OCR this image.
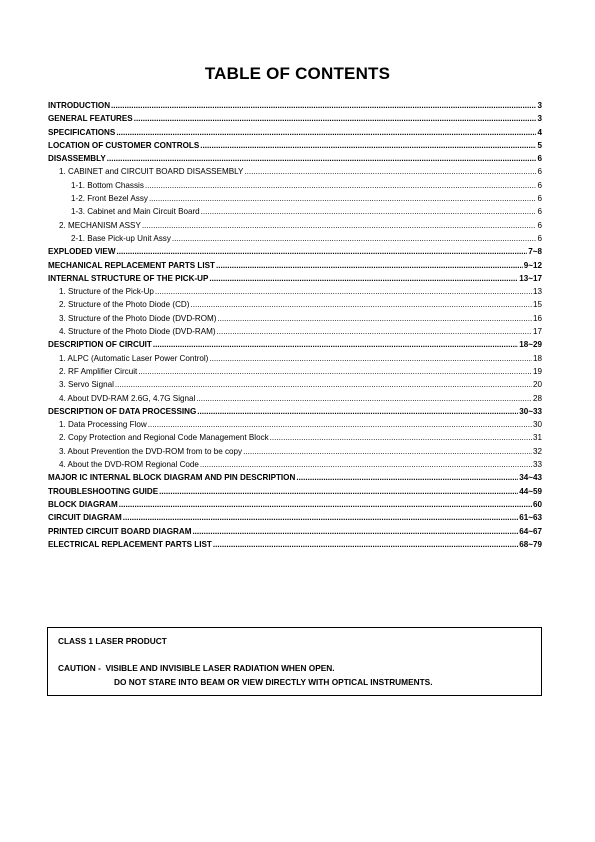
TABLE OF CONTENTS
INTRODUCTION .....	3
GENERAL FEATURES .....	3
SPECIFICATIONS .....	4
LOCATION OF CUSTOMER CONTROLS .....	5
DISASSEMBLY .....	6
1. CABINET and CIRCUIT BOARD DISASSEMBLY .....	6
1-1. Bottom Chassis .....	6
1-2. Front Bezel Assy .....	6
1-3. Cabinet and Main Circuit Board .....	6
2. MECHANISM ASSY .....	6
2-1. Base Pick-up Unit Assy .....	6
EXPLODED VIEW .....	7~8
MECHANICAL REPLACEMENT PARTS LIST .....	9~12
INTERNAL STRUCTURE OF THE PICK-UP .....	13~17
1. Structure of the Pick-Up .....	13
2. Structure of the Photo Diode (CD) .....	15
3. Structure of the Photo Diode (DVD-ROM) .....	16
4. Structure of the Photo Diode (DVD-RAM) .....	17
DESCRIPTION OF CIRCUIT .....	18~29
1. ALPC (Automatic Laser Power Control) .....	18
2. RF Amplifier Circuit .....	19
3. Servo Signal .....	20
4. About DVD-RAM 2.6G, 4.7G Signal .....	28
DESCRIPTION OF DATA PROCESSING .....	30~33
1. Data Processing Flow .....	30
2. Copy Protection and Regional Code Management Block .....	31
3. About Prevention the DVD-ROM from to be copy .....	32
4. About the DVD-ROM Regional Code .....	33
MAJOR IC INTERNAL BLOCK DIAGRAM AND PIN DESCRIPTION .....	34~43
TROUBLESHOOTING GUIDE .....	44~59
BLOCK DIAGRAM .....	60
CIRCUIT DIAGRAM .....	61~63
PRINTED CIRCUIT BOARD DIAGRAM .....	64~67
ELECTRICAL REPLACEMENT PARTS LIST .....	68~79
CLASS 1 LASER PRODUCT
CAUTION -  VISIBLE AND INVISIBLE LASER RADIATION WHEN OPEN.
DO NOT STARE INTO BEAM OR VIEW DIRECTLY WITH OPTICAL INSTRUMENTS.
